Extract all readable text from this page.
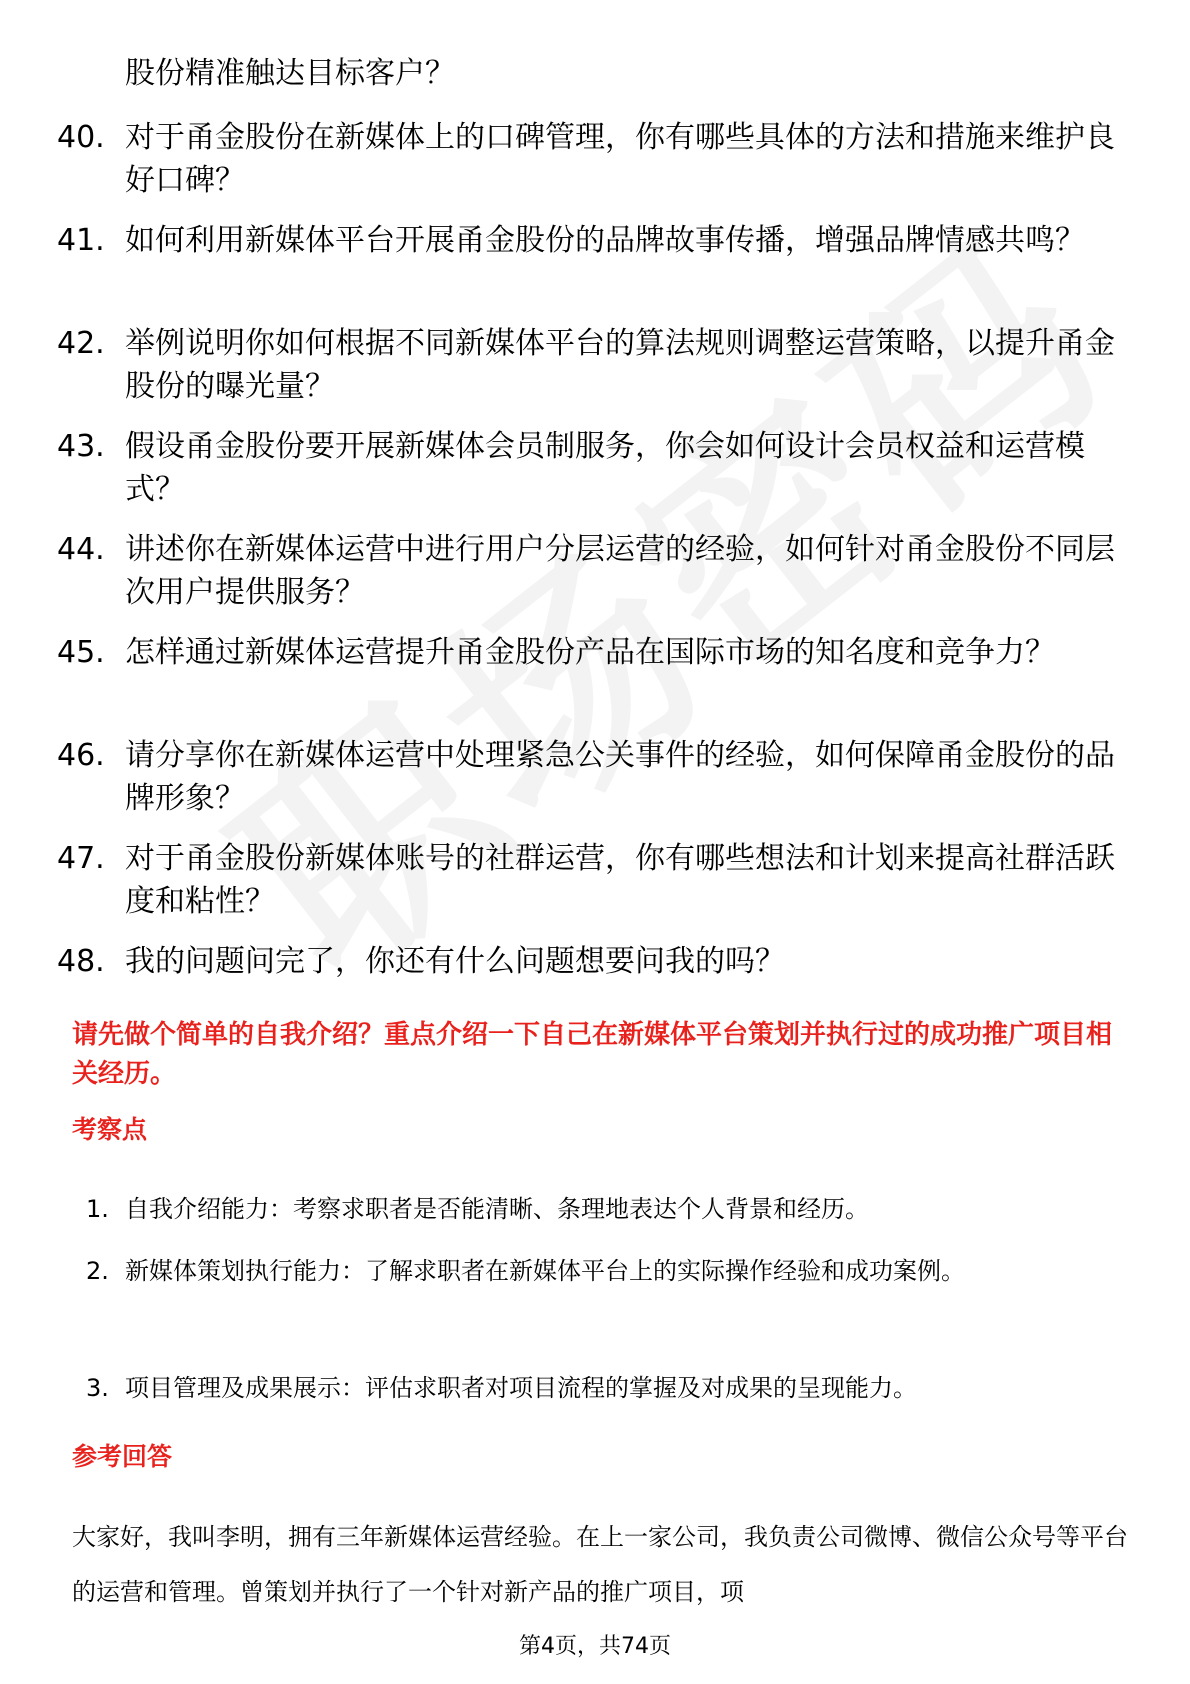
股份精准触达目标客户？
40. 对于甬金股份在新媒体上的口碑管理，你有哪些具体的方法和措施来维护良好口碑？
41. 如何利用新媒体平台开展甬金股份的品牌故事传播，增强品牌情感共鸣？
42. 举例说明你如何根据不同新媒体平台的算法规则调整运营策略，以提升甬金股份的曝光量？
43. 假设甬金股份要开展新媒体会员制服务，你会如何设计会员权益和运营模式？
44. 讲述你在新媒体运营中进行用户分层运营的经验，如何针对甬金股份不同层次用户提供服务？
45. 怎样通过新媒体运营提升甬金股份产品在国际市场的知名度和竞争力？
46. 请分享你在新媒体运营中处理紧急公关事件的经验，如何保障甬金股份的品牌形象？
47. 对于甬金股份新媒体账号的社群运营，你有哪些想法和计划来提高社群活跃度和粘性？
48. 我的问题问完了，你还有什么问题想要问我的吗？
请先做个简单的自我介绍？重点介绍一下自己在新媒体平台策划并执行过的成功推广项目相关经历。
考察点
1. 自我介绍能力：考察求职者是否能清晰、条理地表达个人背景和经历。
2. 新媒体策划执行能力：了解求职者在新媒体平台上的实际操作经验和成功案例。
3. 项目管理及成果展示：评估求职者对项目流程的掌握及对成果的呈现能力。
参考回答
大家好，我叫李明，拥有三年新媒体运营经验。在上一家公司，我负责公司微博、微信公众号等平台的运营和管理。曾策划并执行了一个针对新产品的推广项目，项
第4页，共74页
